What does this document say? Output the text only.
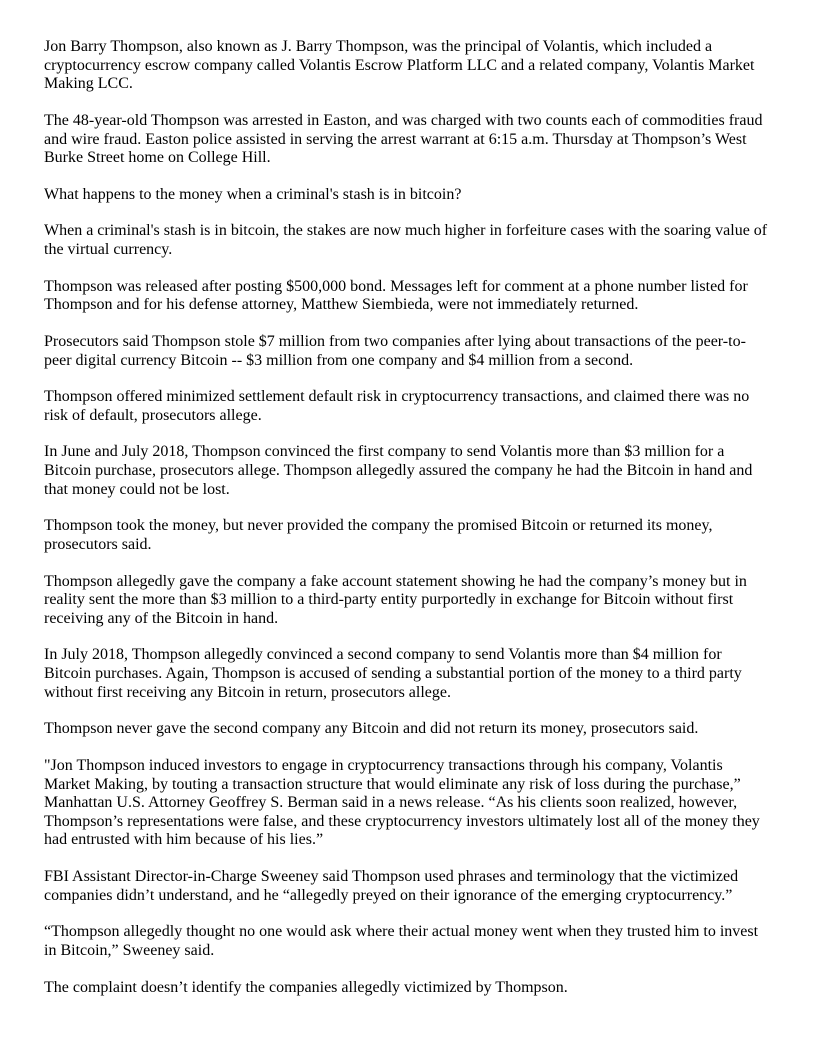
Jon Barry Thompson, also known as J. Barry Thompson, was the principal of Volantis, which included a cryptocurrency escrow company called Volantis Escrow Platform LLC and a related company, Volantis Market Making LCC.

The 48-year-old Thompson was arrested in Easton, and was charged with two counts each of commodities fraud and wire fraud. Easton police assisted in serving the arrest warrant at 6:15 a.m. Thursday at Thompson’s West Burke Street home on College Hill.

What happens to the money when a criminal's stash is in bitcoin?

When a criminal's stash is in bitcoin, the stakes are now much higher in forfeiture cases with the soaring value of the virtual currency.

Thompson was released after posting $500,000 bond. Messages left for comment at a phone number listed for Thompson and for his defense attorney, Matthew Siembieda, were not immediately returned.

Prosecutors said Thompson stole $7 million from two companies after lying about transactions of the peer-to-peer digital currency Bitcoin -- $3 million from one company and $4 million from a second.

Thompson offered minimized settlement default risk in cryptocurrency transactions, and claimed there was no risk of default, prosecutors allege.

In June and July 2018, Thompson convinced the first company to send Volantis more than $3 million for a Bitcoin purchase, prosecutors allege. Thompson allegedly assured the company he had the Bitcoin in hand and that money could not be lost.

Thompson took the money, but never provided the company the promised Bitcoin or returned its money, prosecutors said.

Thompson allegedly gave the company a fake account statement showing he had the company’s money but in reality sent the more than $3 million to a third-party entity purportedly in exchange for Bitcoin without first receiving any of the Bitcoin in hand.

In July 2018, Thompson allegedly convinced a second company to send Volantis more than $4 million for Bitcoin purchases. Again, Thompson is accused of sending a substantial portion of the money to a third party without first receiving any Bitcoin in return, prosecutors allege.

Thompson never gave the second company any Bitcoin and did not return its money, prosecutors said.

"Jon Thompson induced investors to engage in cryptocurrency transactions through his company, Volantis Market Making, by touting a transaction structure that would eliminate any risk of loss during the purchase,” Manhattan U.S. Attorney Geoffrey S. Berman said in a news release. “As his clients soon realized, however, Thompson’s representations were false, and these cryptocurrency investors ultimately lost all of the money they had entrusted with him because of his lies.”

FBI Assistant Director-in-Charge Sweeney said Thompson used phrases and terminology that the victimized companies didn’t understand, and he “allegedly preyed on their ignorance of the emerging cryptocurrency.”

“Thompson allegedly thought no one would ask where their actual money went when they trusted him to invest in Bitcoin,” Sweeney said.

The complaint doesn’t identify the companies allegedly victimized by Thompson.
